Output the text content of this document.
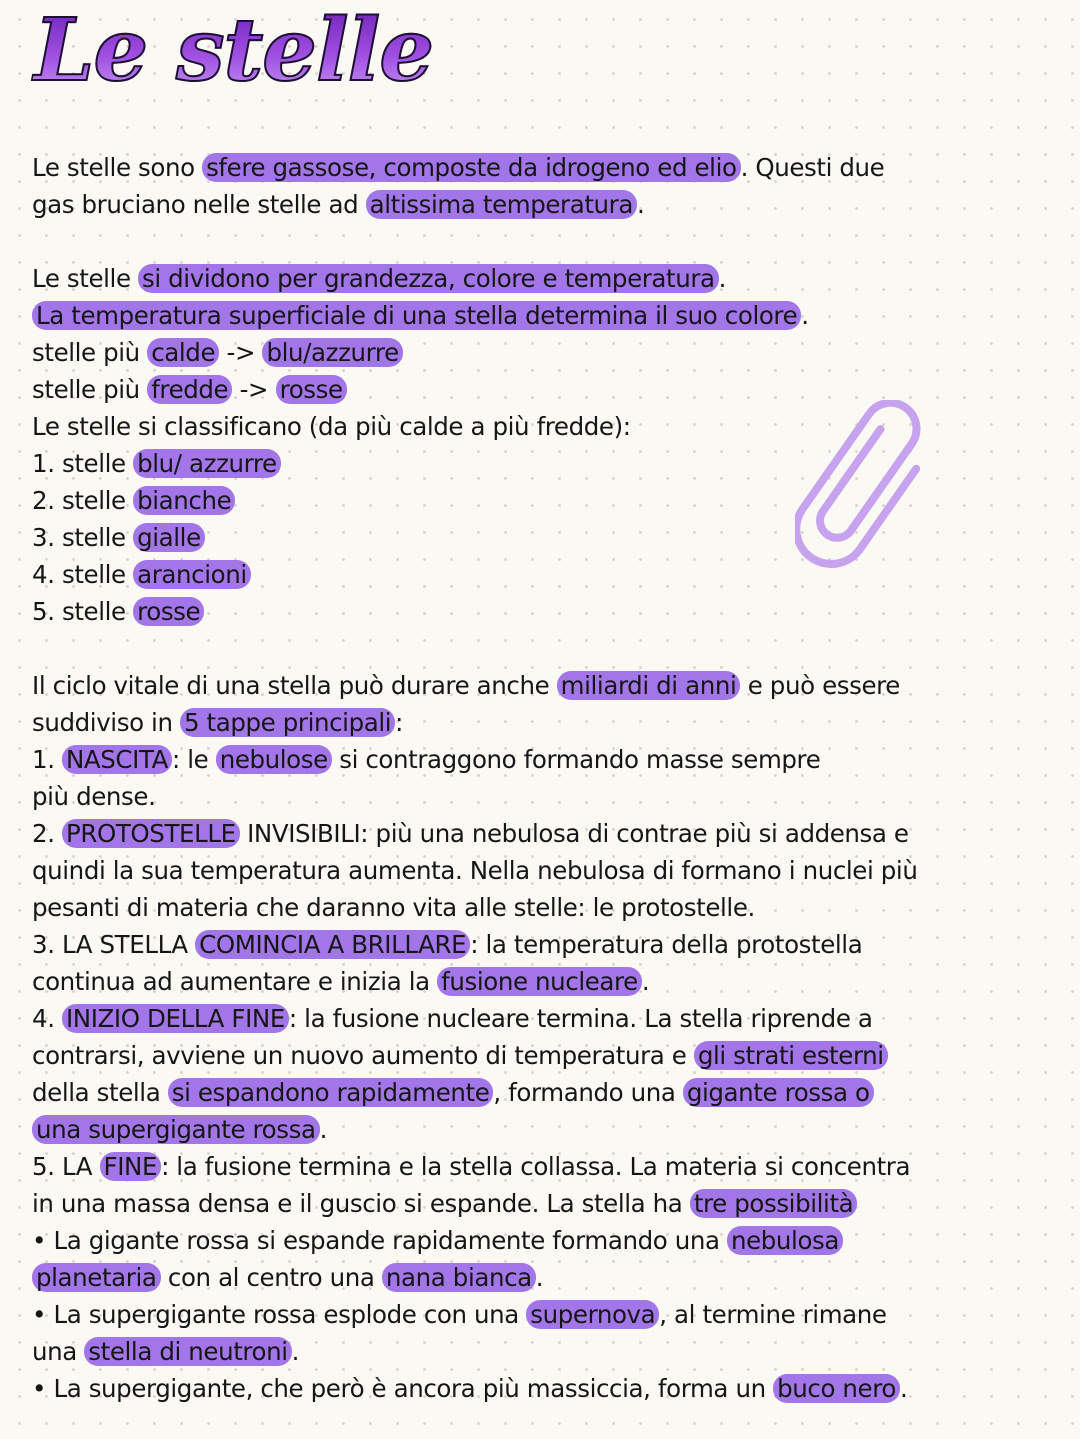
Le stelle
Le stelle sono sfere gassose, composte da idrogeno ed elio . Questi due
gas bruciano nelle stelle ad altissima temperatura .
Le stelle si dividono per grandezza, colore e temperatura .
La temperatura superficiale di una stella determina il suo colore .
stelle più calde -> blu/azzurre
stelle più fredde -> rosse
Le stelle si classificano (da più calde a più fredde):
1. stelle blu/ azzurre
2. stelle bianche
3. stelle gialle
4. stelle arancioni
5. stelle rosse
Il ciclo vitale di una stella può durare anche miliardi di anni e può essere
suddiviso in 5 tappe principali :
1. NASCITA : le nebulose si contraggono formando masse sempre
più dense.
2. PROTOSTELLE INVISIBILI: più una nebulosa di contrae più si addensa e
quindi la sua temperatura aumenta. Nella nebulosa di formano i nuclei più
pesanti di materia che daranno vita alle stelle: le protostelle.
3. LA STELLA COMINCIA A BRILLARE : la temperatura della protostella
continua ad aumentare e inizia la fusione nucleare .
4. INIZIO DELLA FINE : la fusione nucleare termina. La stella riprende a
contrarsi, avviene un nuovo aumento di temperatura e gli strati esterni
della stella si espandono rapidamente , formando una gigante rossa o
una supergigante rossa .
5. LA FINE : la fusione termina e la stella collassa. La materia si concentra
in una massa densa e il guscio si espande. La stella ha tre possibilità
• La gigante rossa si espande rapidamente formando una nebulosa
planetaria con al centro una nana bianca .
• La supergigante rossa esplode con una supernova , al termine rimane
una stella di neutroni .
• La supergigante, che però è ancora più massiccia, forma un buco nero .
